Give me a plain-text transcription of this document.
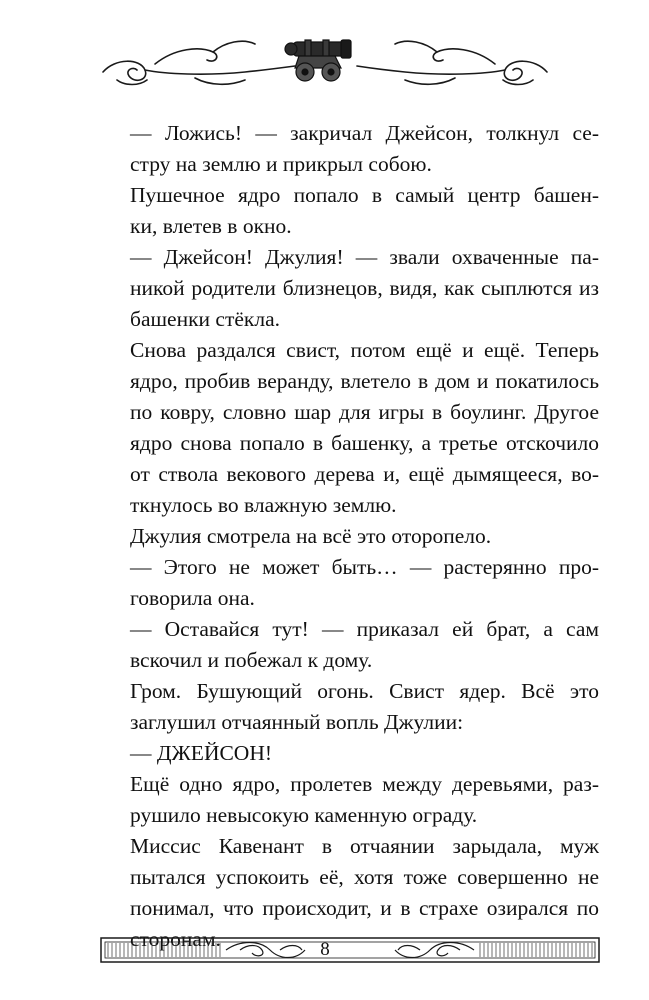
— Ложись! — закричал Джейсон, толкнул се-
стру на землю и прикрыл собою.

Пушечное ядро попало в самый центр башен-
ки, влетев в окно.

— Джейсон! Джулия! — звали охваченные па-
никой родители близнецов, видя, как сыплются из
башенки стёкла.

Снова раздался свист, потом ещё и ещё. Теперь
ядро, пробив веранду, влетело в дом и покатилось
по ковру, словно шар для игры в боулинг. Другое
ядро снова попало в башенку, а третье отскочило
от ствола векового дерева и, ещё дымящееся, во-
ткнулось во влажную землю.

Джулия смотрела на всё это оторопело.

— Этого не может быть… — растерянно про-
говорила она.

— Оставайся тут! — приказал ей брат, а сам
вскочил и побежал к дому.

Гром. Бушующий огонь. Свист ядер. Всё это
заглушил отчаянный вопль Джулии:

— ДЖЕЙСОН!

Ещё одно ядро, пролетев между деревьями, раз-
рушило невысокую каменную ограду.

Миссис Кавенант в отчаянии зарыдала, муж
пытался успокоить её, хотя тоже совершенно не
понимал, что происходит, и в страхе озирался по
сторонам.	8
